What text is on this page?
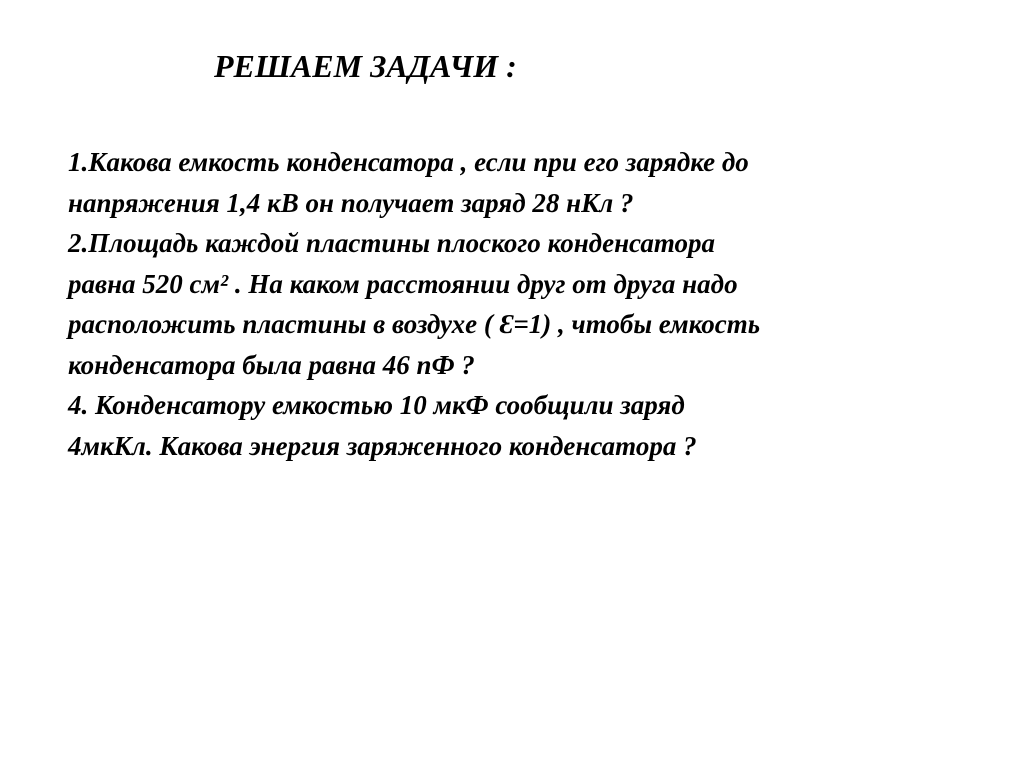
РЕШАЕМ ЗАДАЧИ :
1.Какова емкость конденсатора , если при его зарядке до
напряжения 1,4 кВ он получает заряд 28 нКл ?
2.Площадь каждой пластины плоского конденсатора
равна 520 см² . На каком расстоянии друг от друга надо
расположить пластины в воздухе ( Ɛ=1) , чтобы емкость
конденсатора была равна 46 пФ ?
4. Конденсатору емкостью 10 мкФ сообщили заряд
4мкКл. Какова энергия заряженного конденсатора ?
